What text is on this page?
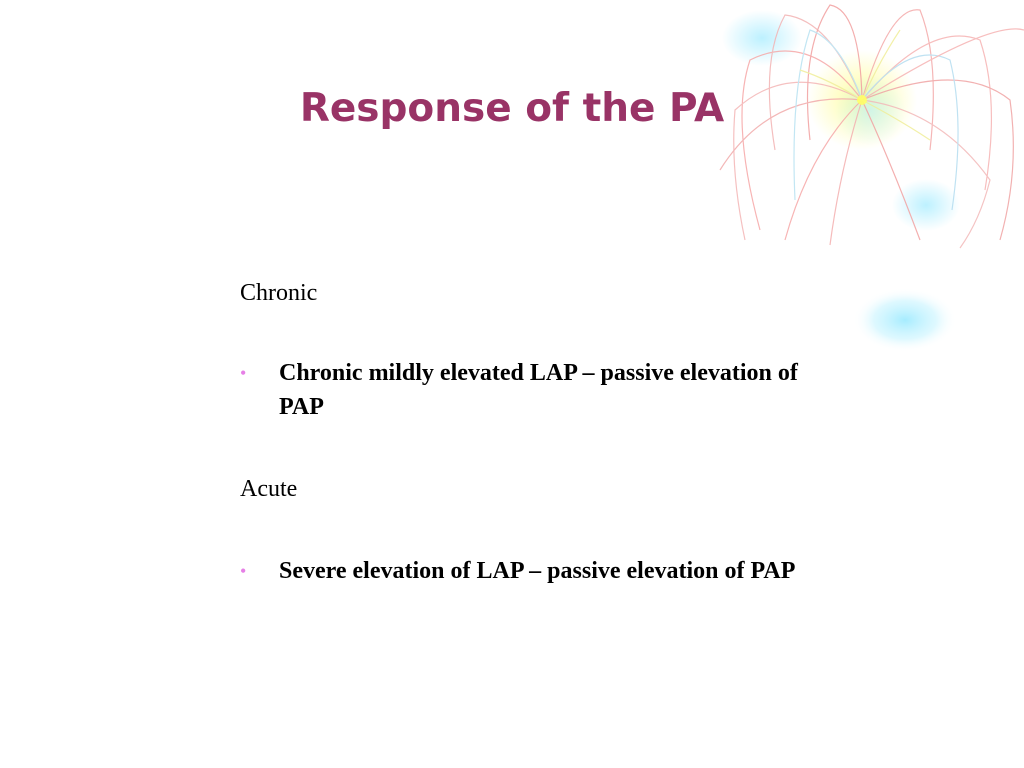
Response of the PA

Chronic

• Chronic mildly elevated LAP – passive elevation of PAP

Acute

• Severe elevation of LAP – passive elevation of PAP
